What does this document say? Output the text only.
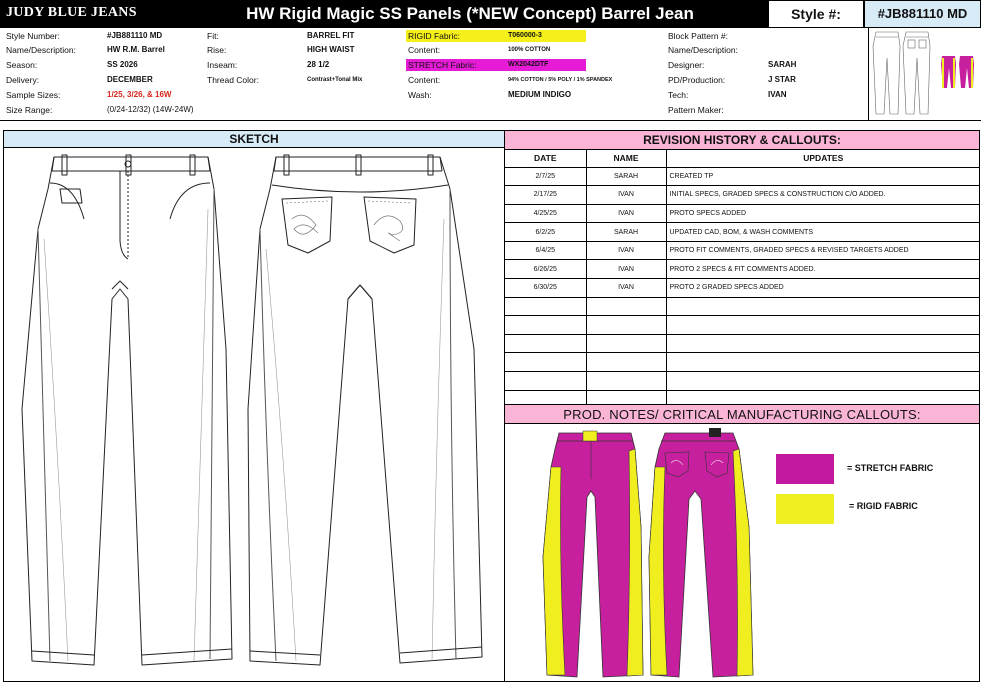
JUDY BLUE JEANS	HW Rigid Magic SS Panels (*NEW Concept) Barrel Jean	Style #:	#JB881110 MD
Style Number:	#JB881110 MD
Name/Description:	HW R.M. Barrel
Season:	SS 2026
Delivery:	DECEMBER
Sample Sizes:	1/25, 3/26, & 16W
Size Range:	(0/24-12/32) (14W-24W)
Fit:	BARREL FIT
Rise:	HIGH WAIST
Inseam:	28 1/2
Thread Color:	Contrast+Tonal Mix
RIGID Fabric:	T060000-3
Content:	100% COTTON
STRETCH Fabric:	WX2042DTF
Content:	94% COTTON / 5% POLY / 1% SPANDEX
Wash:	MEDIUM INDIGO
Block Pattern #:
Name/Description:
Designer:	SARAH
PD/Production:	J STAR
Tech:	IVAN
Pattern Maker:
SKETCH	REVISION HISTORY & CALLOUTS:
DATE	NAME	UPDATES
2/7/25	SARAH	CREATED TP
2/17/25	IVAN	INITIAL SPECS, GRADED SPECS & CONSTRUCTION C/O ADDED.
4/25/25	IVAN	PROTO SPECS ADDED
6/2/25	SARAH	UPDATED CAD, BOM, & WASH COMMENTS
6/4/25	IVAN	PROTO FIT COMMENTS, GRADED SPECS & REVISED TARGETS ADDED
6/26/25	IVAN	PROTO 2 SPECS & FIT COMMENTS ADDED.
6/30/25	IVAN	PROTO 2 GRADED SPECS ADDED

PROD. NOTES/ CRITICAL MANUFACTURING CALLOUTS:
= STRETCH FABRIC
= RIGID FABRIC
